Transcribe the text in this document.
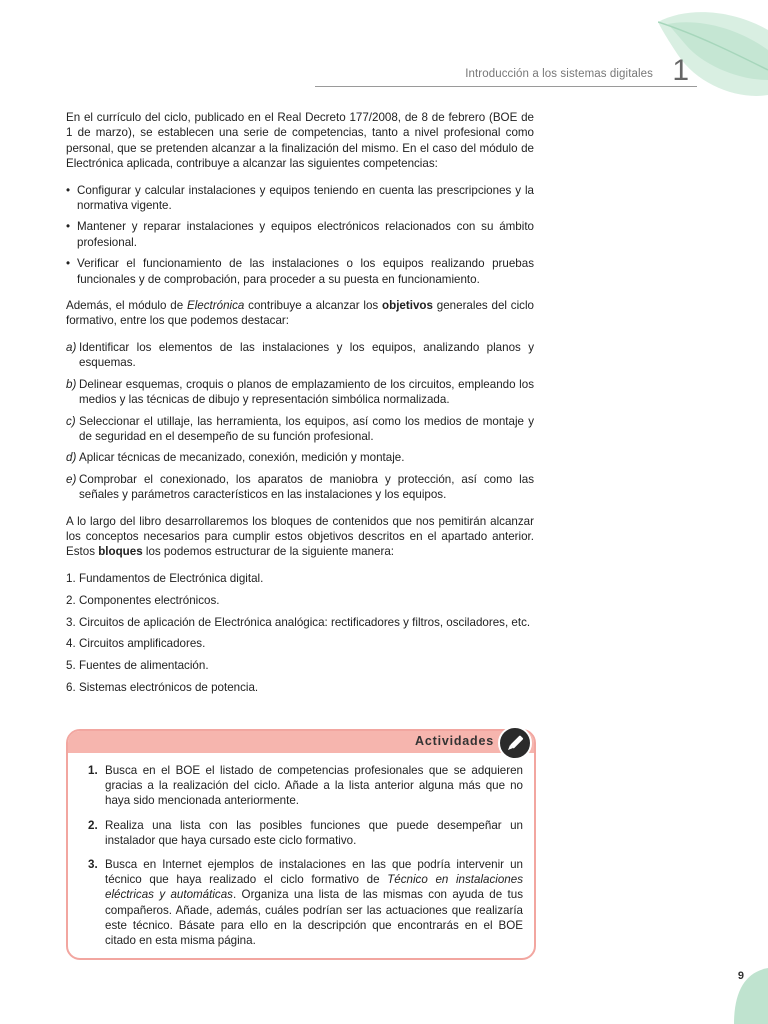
Introducción a los sistemas digitales 1

En el currículo del ciclo, publicado en el Real Decreto 177/2008, de 8 de febrero (BOE de 1 de marzo), se establecen una serie de competencias, tanto a nivel profesional como personal, que se pretenden alcanzar a la finalización del mismo. En el caso del módulo de Electrónica aplicada, contribuye a alcanzar las siguientes competencias:

• Configurar y calcular instalaciones y equipos teniendo en cuenta las prescripciones y la normativa vigente.
• Mantener y reparar instalaciones y equipos electrónicos relacionados con su ámbito profesional.
• Verificar el funcionamiento de las instalaciones o los equipos realizando pruebas funcionales y de comprobación, para proceder a su puesta en funcionamiento.

Además, el módulo de Electrónica contribuye a alcanzar los objetivos generales del ciclo formativo, entre los que podemos destacar:

a) Identificar los elementos de las instalaciones y los equipos, analizando planos y esquemas.
b) Delinear esquemas, croquis o planos de emplazamiento de los circuitos, empleando los medios y las técnicas de dibujo y representación simbólica normalizada.
c) Seleccionar el utillaje, las herramienta, los equipos, así como los medios de montaje y de seguridad en el desempeño de su función profesional.
d) Aplicar técnicas de mecanizado, conexión, medición y montaje.
e) Comprobar el conexionado, los aparatos de maniobra y protección, así como las señales y parámetros característicos en las instalaciones y los equipos.

A lo largo del libro desarrollaremos los bloques de contenidos que nos pemitirán alcanzar los conceptos necesarios para cumplir estos objetivos descritos en el apartado anterior. Estos bloques los podemos estructurar de la siguiente manera:

1. Fundamentos de Electrónica digital.
2. Componentes electrónicos.
3. Circuitos de aplicación de Electrónica analógica: rectificadores y filtros, osciladores, etc.
4. Circuitos amplificadores.
5. Fuentes de alimentación.
6. Sistemas electrónicos de potencia.
Actividades
1. Busca en el BOE el listado de competencias profesionales que se adquieren gracias a la realización del ciclo. Añade a la lista anterior alguna más que no haya sido mencionada anteriormente.
2. Realiza una lista con las posibles funciones que puede desempeñar un instalador que haya cursado este ciclo formativo.
3. Busca en Internet ejemplos de instalaciones en las que podría intervenir un técnico que haya realizado el ciclo formativo de Técnico en instalaciones eléctricas y automáticas. Organiza una lista de las mismas con ayuda de tus compañeros. Añade, además, cuáles podrían ser las actuaciones que realizaría este técnico. Básate para ello en la descripción que encontrarás en el BOE citado en esta misma página.
9
